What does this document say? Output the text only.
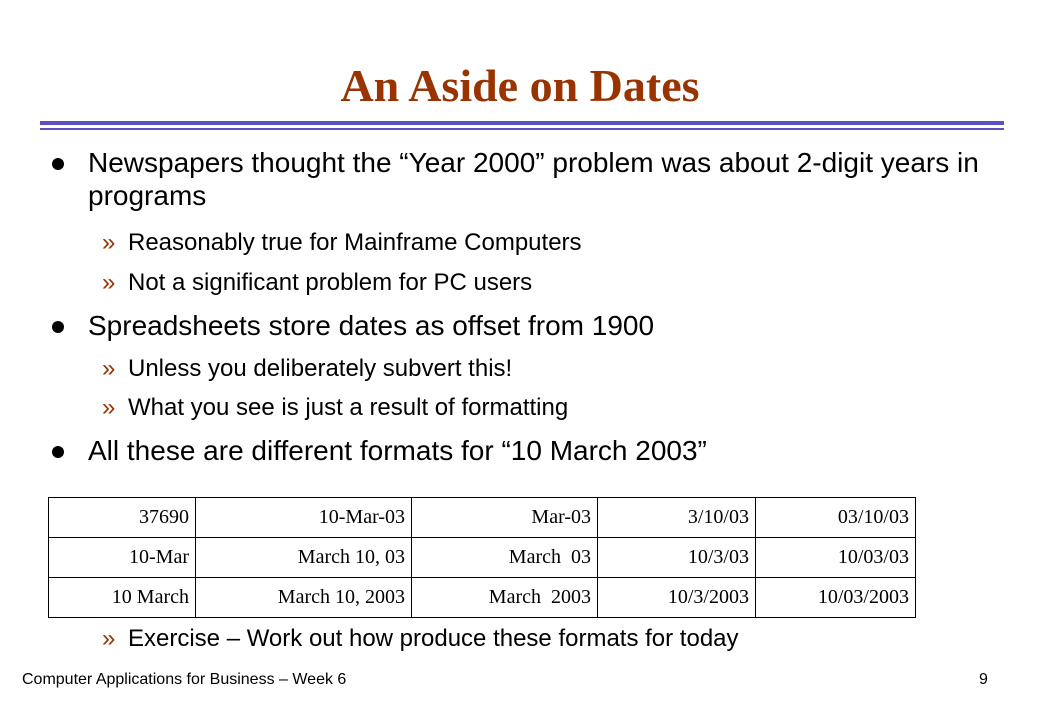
An Aside on Dates
Newspapers thought the “Year 2000” problem was about 2-digit years in programs
» Reasonably true for Mainframe Computers
» Not a significant problem for PC users
Spreadsheets store dates as offset from 1900
» Unless you deliberately subvert this!
» What you see is just a result of formatting
All these are different formats for “10 March 2003”
37690	10-Mar-03	Mar-03	3/10/03	03/10/03
10-Mar	March 10, 03	March  03	10/3/03	10/03/03
10 March	March 10, 2003	March  2003	10/3/2003	10/03/2003
» Exercise – Work out how produce these formats for today
Computer Applications for Business – Week 6	9
